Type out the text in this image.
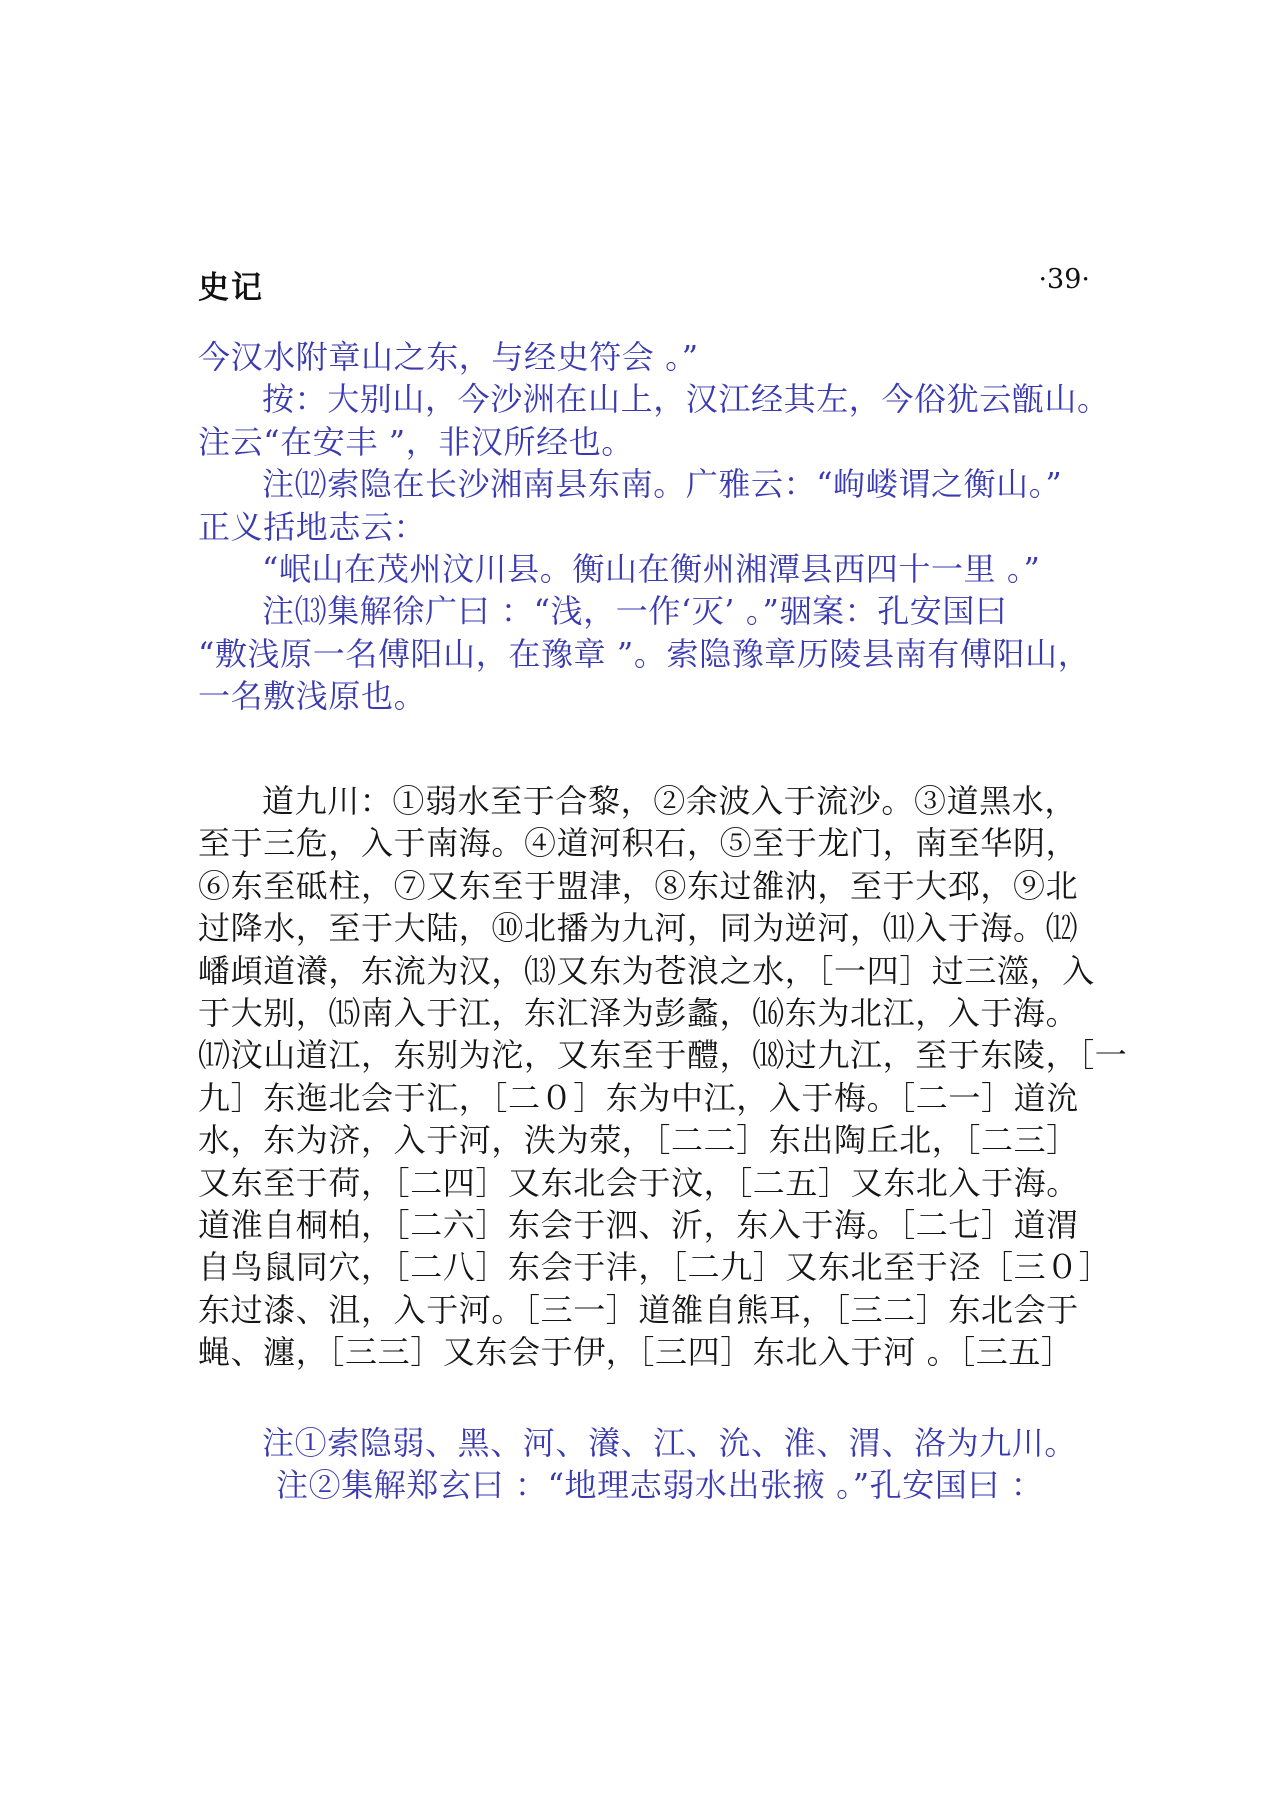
史记	·39·
今汉水附章山之东，与经史符会 。”
按：大别山，今沙洲在山上，汉江经其左，今俗犹云甑山。
注云“在安丰 ”，非汉所经也。
注⑿索隐在长沙湘南县东南。广雅云：“岣嵝谓之衡山。”
正义括地志云：
“岷山在茂州汶川县。衡山在衡州湘潭县西四十一里 。”
注⒀集解徐广曰 ：“浅，一作‘灭’ 。”骃案：孔安国曰
“敷浅原一名傅阳山，在豫章 ”。索隐豫章历陵县南有傅阳山，
一名敷浅原也。
道九川：①弱水至于合黎，②余波入于流沙。③道黑水，
至于三危，入于南海。④道河积石，⑤至于龙门，南至华阴，
⑥东至砥柱，⑦又东至于盟津，⑧东过雒汭，至于大邳，⑨北
过降水，至于大陆，⑩北播为九河，同为逆河，⑾入于海。⑿
嶓頉道瀁，东流为汉，⒀又东为苍浪之水，［一四］过三澨，入
于大别，⒂南入于江，东汇泽为彭蠡，⒃东为北江，入于海。
⒄汶山道江，东别为沱，又东至于醴，⒅过九江，至于东陵，［一
九］东迤北会于汇，［二０］东为中江，入于梅。［二一］道沇
水，东为济，入于河，泆为荥，［二二］东出陶丘北，［二三］
又东至于荷，［二四］又东北会于汶，［二五］又东北入于海。
道淮自桐柏，［二六］东会于泗、沂，东入于海。［二七］道渭
自鸟鼠同穴，［二八］东会于沣，［二九］又东北至于泾［三０］
东过漆、沮，入于河。［三一］道雒自熊耳，［三二］东北会于
蝇、瀍，［三三］又东会于伊，［三四］东北入于河 。［三五］
注①索隐弱、黑、河、瀁、江、沇、淮、渭、洛为九川。
注②集解郑玄曰 ：“地理志弱水出张掖 。”孔安国曰 ：
